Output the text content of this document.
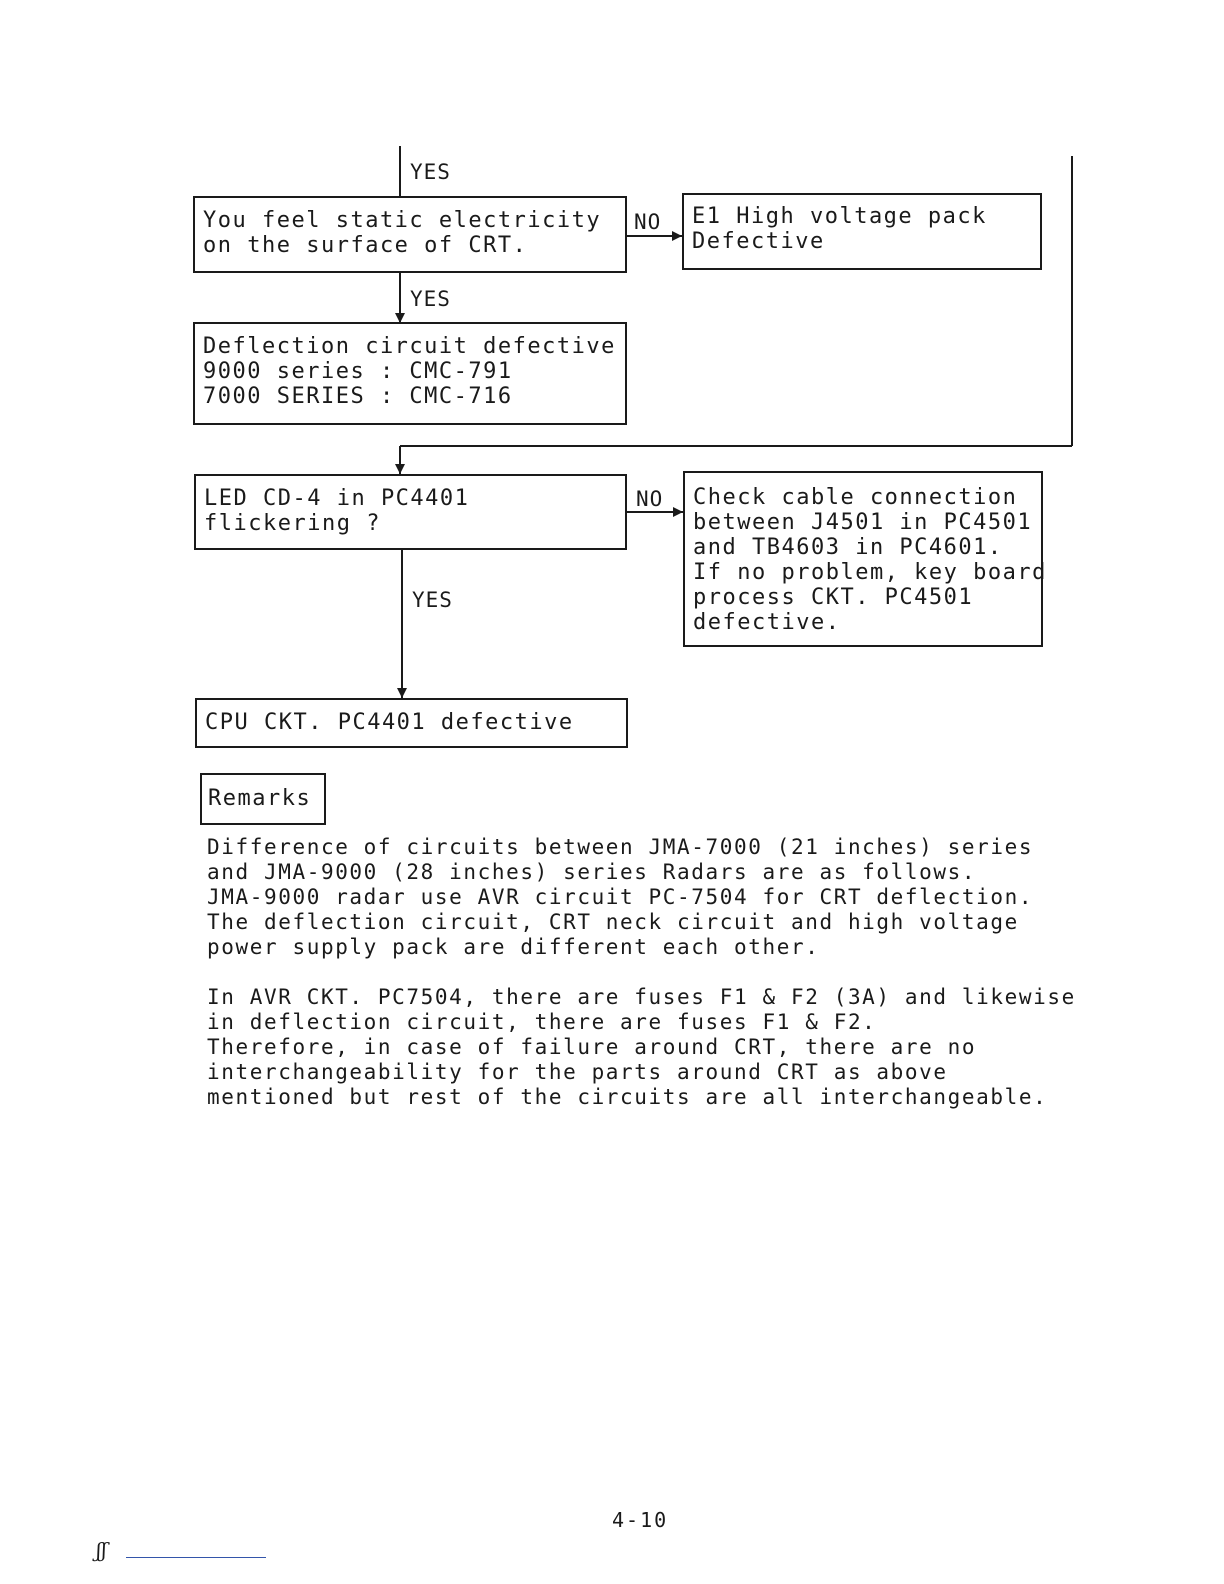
YES
NO
YES
NO
YES
You feel static electricity
on the surface of CRT.
E1 High voltage pack
Defective
Deflection circuit defective
9000 series : CMC-791
7000 SERIES : CMC-716
LED CD-4 in PC4401
flickering ?
Check cable connection
between J4501 in PC4501
and TB4603 in PC4601.
If no problem, key board
process CKT. PC4501
defective.
CPU CKT. PC4401 defective
Remarks
Difference of circuits between JMA-7000 (21 inches) series
and JMA-9000 (28 inches) series Radars are as follows.
JMA-9000 radar use AVR circuit PC-7504 for CRT deflection.
The deflection circuit, CRT neck circuit and high voltage
power supply pack are different each other.
In AVR CKT. PC7504, there are fuses F1 & F2 (3A) and likewise
in deflection circuit, there are fuses F1 & F2.
Therefore, in case of failure around CRT, there are no
interchangeability for the parts around CRT as above
mentioned but rest of the circuits are all interchangeable.
4-10
ʃʃ
